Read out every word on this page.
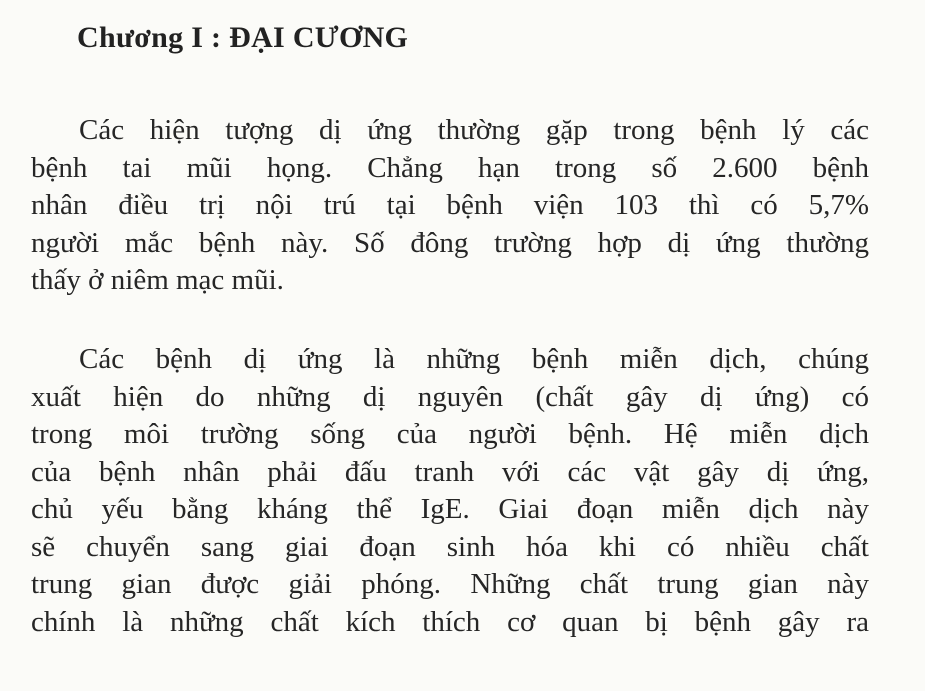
Chương I : ĐẠI CƯƠNG

Các hiện tượng dị ứng thường gặp trong bệnh lý các
bệnh tai mũi họng. Chẳng hạn trong số 2.600 bệnh
nhân điều trị nội trú tại bệnh viện 103 thì có 5,7%
người mắc bệnh này. Số đông trường hợp dị ứng thường
thấy ở niêm mạc mũi.

Các bệnh dị ứng là những bệnh miễn dịch, chúng
xuất hiện do những dị nguyên (chất gây dị ứng) có
trong môi trường sống của người bệnh. Hệ miễn dịch
của bệnh nhân phải đấu tranh với các vật gây dị ứng,
chủ yếu bằng kháng thể IgE. Giai đoạn miễn dịch này
sẽ chuyển sang giai đoạn sinh hóa khi có nhiều chất
trung gian được giải phóng. Những chất trung gian này
chính là những chất kích thích cơ quan bị bệnh gây ra
